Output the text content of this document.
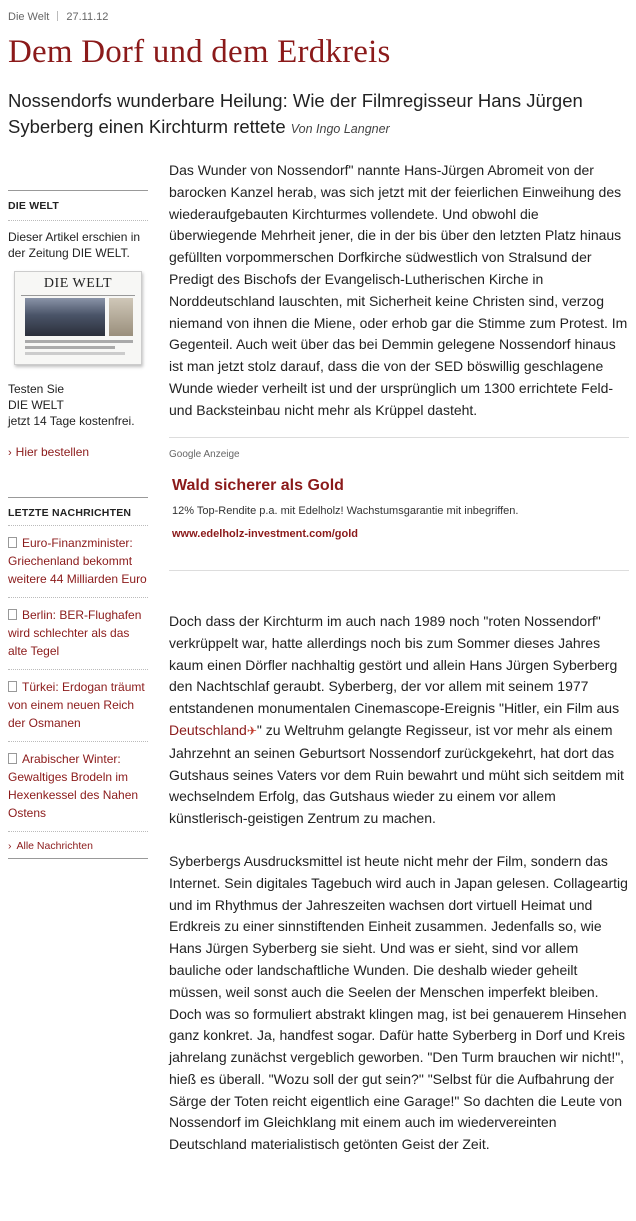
Die Welt 27.11.12
Dem Dorf und dem Erdkreis
Nossendorfs wunderbare Heilung: Wie der Filmregisseur Hans Jürgen Syberberg einen Kirchturm rettete Von Ingo Langner
DIE WELT
Dieser Artikel erschien in der Zeitung DIE WELT.
DIE WELT
Testen Sie
DIE WELT
jetzt 14 Tage kostenfrei.
› Hier bestellen
LETZTE NACHRICHTEN
Euro-Finanzminister: Griechenland bekommt weitere 44 Milliarden Euro
Berlin: BER-Flughafen wird schlechter als das alte Tegel
Türkei: Erdogan träumt von einem neuen Reich der Osmanen
Arabischer Winter: Gewaltiges Brodeln im Hexenkessel des Nahen Ostens
› Alle Nachrichten

Das Wunder von Nossendorf" nannte Hans-Jürgen Abromeit von der barocken Kanzel herab, was sich jetzt mit der feierlichen Einweihung des wiederaufgebauten Kirchturmes vollendete. Und obwohl die überwiegende Mehrheit jener, die in der bis über den letzten Platz hinaus gefüllten vorpommerschen Dorfkirche südwestlich von Stralsund der Predigt des Bischofs der Evangelisch-Lutherischen Kirche in Norddeutschland lauschten, mit Sicherheit keine Christen sind, verzog niemand von ihnen die Miene, oder erhob gar die Stimme zum Protest. Im Gegenteil. Auch weit über das bei Demmin gelegene Nossendorf hinaus ist man jetzt stolz darauf, dass die von der SED böswillig geschlagene Wunde wieder verheilt ist und der ursprünglich um 1300 errichtete Feld- und Backsteinbau nicht mehr als Krüppel dasteht.

Google Anzeige
Wald sicherer als Gold
12% Top-Rendite p.a. mit Edelholz! Wachstumsgarantie mit inbegriffen.
www.edelholz-investment.com/gold

Doch dass der Kirchturm im auch nach 1989 noch "roten Nossendorf" verkrüppelt war, hatte allerdings noch bis zum Sommer dieses Jahres kaum einen Dörfler nachhaltig gestört und allein Hans Jürgen Syberberg den Nachtschlaf geraubt. Syberberg, der vor allem mit seinem 1977 entstandenen monumentalen Cinemascope-Ereignis "Hitler, ein Film aus Deutschland✈" zu Weltruhm gelangte Regisseur, ist vor mehr als einem Jahrzehnt an seinen Geburtsort Nossendorf zurückgekehrt, hat dort das Gutshaus seines Vaters vor dem Ruin bewahrt und müht sich seitdem mit wechselndem Erfolg, das Gutshaus wieder zu einem vor allem künstlerisch-geistigen Zentrum zu machen.

Syberbergs Ausdrucksmittel ist heute nicht mehr der Film, sondern das Internet. Sein digitales Tagebuch wird auch in Japan gelesen. Collageartig und im Rhythmus der Jahreszeiten wachsen dort virtuell Heimat und Erdkreis zu einer sinnstiftenden Einheit zusammen. Jedenfalls so, wie Hans Jürgen Syberberg sie sieht. Und was er sieht, sind vor allem bauliche oder landschaftliche Wunden. Die deshalb wieder geheilt müssen, weil sonst auch die Seelen der Menschen imperfekt bleiben. Doch was so formuliert abstrakt klingen mag, ist bei genauerem Hinsehen ganz konkret. Ja, handfest sogar. Dafür hatte Syberberg in Dorf und Kreis jahrelang zunächst vergeblich geworben. "Den Turm brauchen wir nicht!", hieß es überall. "Wozu soll der gut sein?" "Selbst für die Aufbahrung der Särge der Toten reicht eigentlich eine Garage!" So dachten die Leute von Nossendorf im Gleichklang mit einem auch im wiedervereinten Deutschland materialistisch getönten Geist der Zeit.
